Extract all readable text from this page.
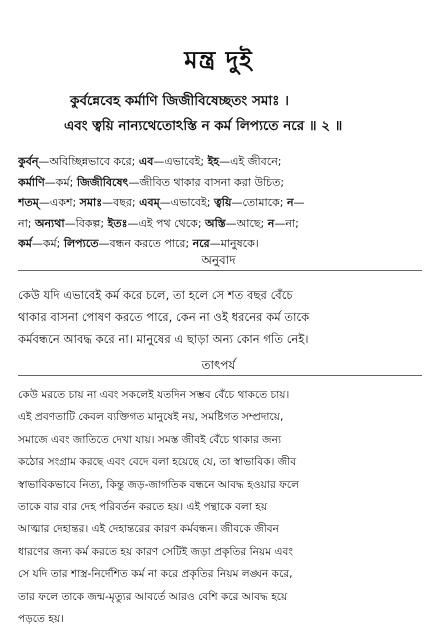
মন্ত্র দুই
কুর্বন্নেবেহ কর্মাণি জিজীবিষেচ্ছতং সমাঃ ।
এবং ত্বয়ি নান্যথেতোঽস্তি ন কর্ম লিপ্যতে নরে ॥ ২ ॥

কুর্বন্—অবিচ্ছিন্নভাবে করে; এব—এভাবেই; ইহ—এই জীবনে;

কর্মাণি—কর্ম; জিজীবিষেৎ—জীবিত থাকার বাসনা করা উচিত;

শতম্—একশ; সমাঃ—বছর; এবম্—এভাবেই; ত্বয়ি—তোমাকে; ন—

না; অন্যথা—বিকল্প; ইতঃ—এই পথ থেকে; অস্তি—আছে; ন—না;

কর্ম—কর্ম; লিপ্যতে—বন্ধন করতে পারে; নরে—মানুষকে।

অনুবাদ

কেউ যদি এভাবেই কর্ম করে চলে, তা হলে সে শত বছর বেঁচে

থাকার বাসনা পোষণ করতে পারে, কেন না ওই ধরনের কর্ম তাকে

কর্মবন্ধনে আবদ্ধ করে না। মানুষের এ ছাড়া অন্য কোন গতি নেই।

তাৎপর্য

কেউ মরতে চায় না এবং সকলেই যতদিন সম্ভব বেঁচে থাকতে চায়।

এই প্রবণতাটি কেবল ব্যক্তিগত মানুষেই নয়, সমষ্টিগত সম্প্রদায়ে,

সমাজে এবং জাতিতে দেখা যায়। সমস্ত জীবই বেঁচে থাকার জন্য

কঠোর সংগ্রাম করছে এবং বেদে বলা হয়েছে যে, তা স্বাভাবিক। জীব

স্বাভাবিকভাবে নিত্য, কিন্তু জড়-জাগতিক বন্ধনে আবদ্ধ হওয়ার ফলে

তাকে বার বার দেহ পরিবর্তন করতে হয়। এই পন্থাকে বলা হয়

আত্মার দেহান্তর। এই দেহান্তরের কারণ কর্মবন্ধন। জীবকে জীবন

ধারণের জন্য কর্ম করতে হয় কারণ সেটিই জড়া প্রকৃতির নিয়ম এবং

সে যদি তার শাস্ত্র-নির্দেশিত কর্ম না করে প্রকৃতির নিয়ম লঙ্ঘন করে,

তার ফলে তাকে জন্ম-মৃত্যুর আবর্তে আরও বেশি করে আবদ্ধ হয়ে

পড়তে হয়।
